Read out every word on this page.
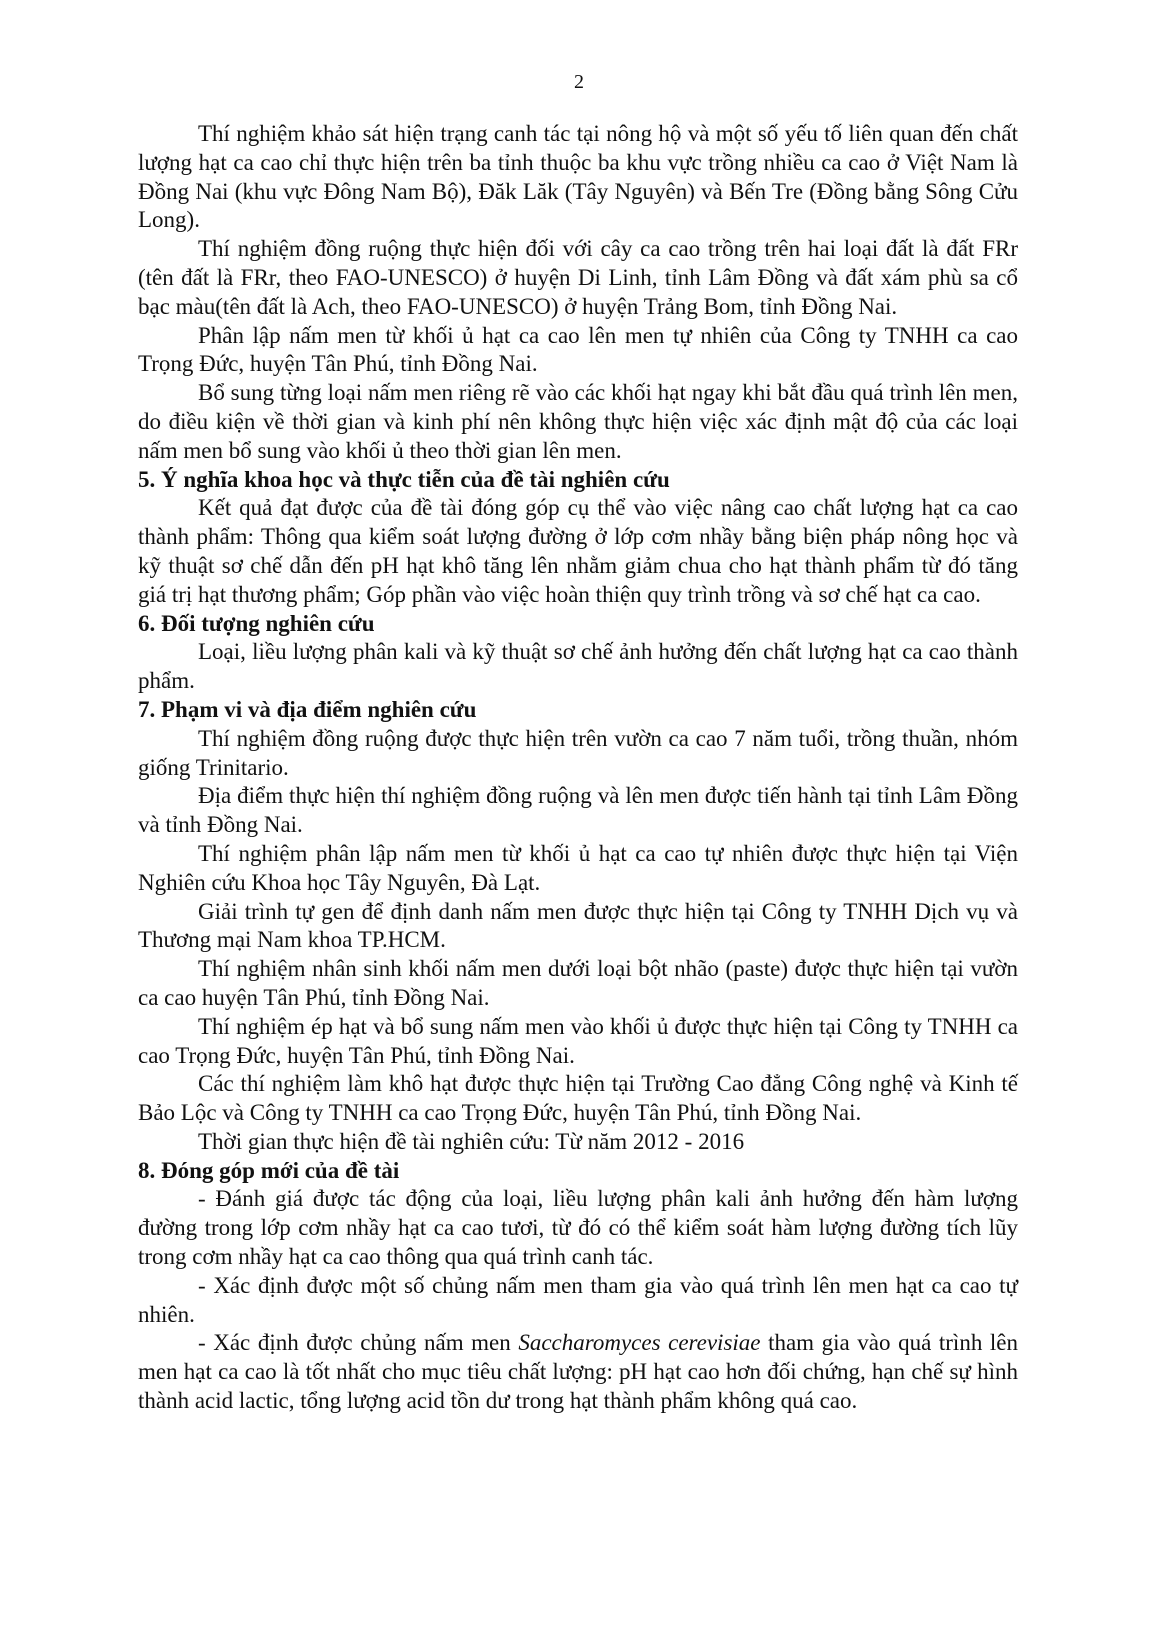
2

Thí nghiệm khảo sát hiện trạng canh tác tại nông hộ và một số yếu tố liên quan đến chất lượng hạt ca cao chỉ thực hiện trên ba tỉnh thuộc ba khu vực trồng nhiều ca cao ở Việt Nam là Đồng Nai (khu vực Đông Nam Bộ), Đăk Lăk (Tây Nguyên) và Bến Tre (Đồng bằng Sông Cửu Long).

Thí nghiệm đồng ruộng thực hiện đối với cây ca cao trồng trên hai loại đất là đất FRr (tên đất là FRr, theo FAO-UNESCO) ở huyện Di Linh, tỉnh Lâm Đồng và đất xám phù sa cổ bạc màu(tên đất là Ach, theo FAO-UNESCO) ở huyện Trảng Bom, tỉnh Đồng Nai.

Phân lập nấm men từ khối ủ hạt ca cao lên men tự nhiên của Công ty TNHH ca cao Trọng Đức, huyện Tân Phú, tỉnh Đồng Nai.

Bổ sung từng loại nấm men riêng rẽ vào các khối hạt ngay khi bắt đầu quá trình lên men, do điều kiện về thời gian và kinh phí nên không thực hiện việc xác định mật độ của các loại nấm men bổ sung vào khối ủ theo thời gian lên men.

5. Ý nghĩa khoa học và thực tiễn của đề tài nghiên cứu

Kết quả đạt được của đề tài đóng góp cụ thể vào việc nâng cao chất lượng hạt ca cao thành phẩm: Thông qua kiểm soát lượng đường ở lớp cơm nhầy bằng biện pháp nông học và kỹ thuật sơ chế dẫn đến pH hạt khô tăng lên nhằm giảm chua cho hạt thành phẩm từ đó tăng giá trị hạt thương phẩm; Góp phần vào việc hoàn thiện quy trình trồng và sơ chế hạt ca cao.

6. Đối tượng nghiên cứu

Loại, liều lượng phân kali và kỹ thuật sơ chế ảnh hưởng đến chất lượng hạt ca cao thành phẩm.

7. Phạm vi và địa điểm nghiên cứu

Thí nghiệm đồng ruộng được thực hiện trên vườn ca cao 7 năm tuổi, trồng thuần, nhóm giống Trinitario.

Địa điểm thực hiện thí nghiệm đồng ruộng và lên men được tiến hành tại tỉnh Lâm Đồng và tỉnh Đồng Nai.

Thí nghiệm phân lập nấm men từ khối ủ hạt ca cao tự nhiên được thực hiện tại Viện Nghiên cứu Khoa học Tây Nguyên, Đà Lạt.

Giải trình tự gen để định danh nấm men được thực hiện tại Công ty TNHH Dịch vụ và Thương mại Nam khoa TP.HCM.

Thí nghiệm nhân sinh khối nấm men dưới loại bột nhão (paste) được thực hiện tại vườn ca cao huyện Tân Phú, tỉnh Đồng Nai.

Thí nghiệm ép hạt và bổ sung nấm men vào khối ủ được thực hiện tại Công ty TNHH ca cao Trọng Đức, huyện Tân Phú, tỉnh Đồng Nai.

Các thí nghiệm làm khô hạt được thực hiện tại Trường Cao đẳng Công nghệ và Kinh tế Bảo Lộc và Công ty TNHH ca cao Trọng Đức, huyện Tân Phú, tỉnh Đồng Nai.

Thời gian thực hiện đề tài nghiên cứu: Từ năm 2012 - 2016

8. Đóng góp mới của đề tài

- Đánh giá được tác động của loại, liều lượng phân kali ảnh hưởng đến hàm lượng đường trong lớp cơm nhầy hạt ca cao tươi, từ đó có thể kiểm soát hàm lượng đường tích lũy trong cơm nhầy hạt ca cao thông qua quá trình canh tác.

- Xác định được một số chủng nấm men tham gia vào quá trình lên men hạt ca cao tự nhiên.

- Xác định được chủng nấm men Saccharomyces cerevisiae tham gia vào quá trình lên men hạt ca cao là tốt nhất cho mục tiêu chất lượng: pH hạt cao hơn đối chứng, hạn chế sự hình thành acid lactic, tổng lượng acid tồn dư trong hạt thành phẩm không quá cao.
